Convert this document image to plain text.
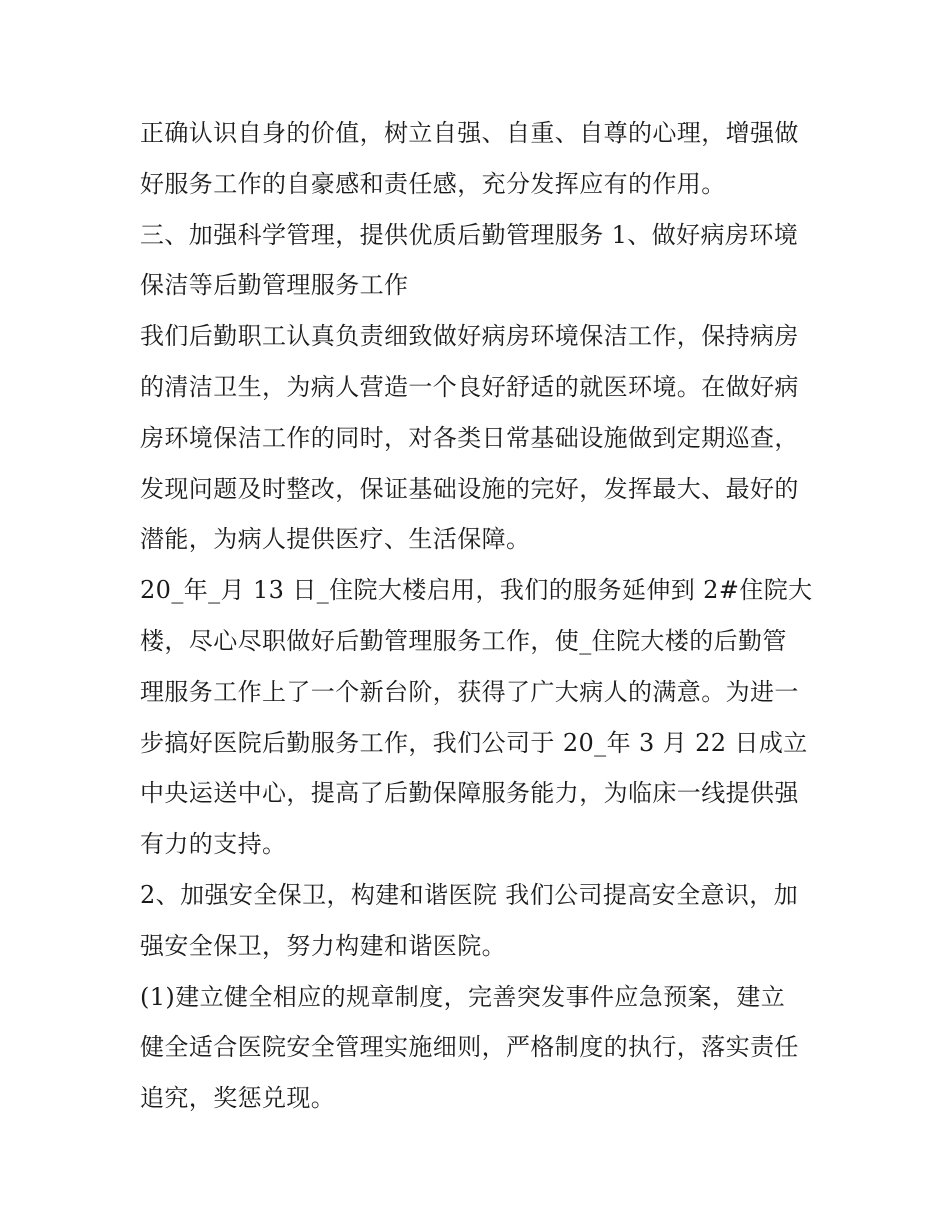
正确认识自身的价值，树立自强、自重、自尊的心理，增强做
好服务工作的自豪感和责任感，充分发挥应有的作用。
三、加强科学管理，提供优质后勤管理服务 1、做好病房环境
保洁等后勤管理服务工作
我们后勤职工认真负责细致做好病房环境保洁工作，保持病房
的清洁卫生，为病人营造一个良好舒适的就医环境。在做好病
房环境保洁工作的同时，对各类日常基础设施做到定期巡查，
发现问题及时整改，保证基础设施的完好，发挥最大、最好的
潜能，为病人提供医疗、生活保障。
20_年_月 13 日_住院大楼启用，我们的服务延伸到 2#住院大
楼，尽心尽职做好后勤管理服务工作，使_住院大楼的后勤管
理服务工作上了一个新台阶，获得了广大病人的满意。为进一
步搞好医院后勤服务工作，我们公司于 20_年 3 月 22 日成立
中央运送中心，提高了后勤保障服务能力，为临床一线提供强
有力的支持。
2、加强安全保卫，构建和谐医院 我们公司提高安全意识，加
强安全保卫，努力构建和谐医院。
(1)建立健全相应的规章制度，完善突发事件应急预案，建立
健全适合医院安全管理实施细则，严格制度的执行，落实责任
追究，奖惩兑现。
